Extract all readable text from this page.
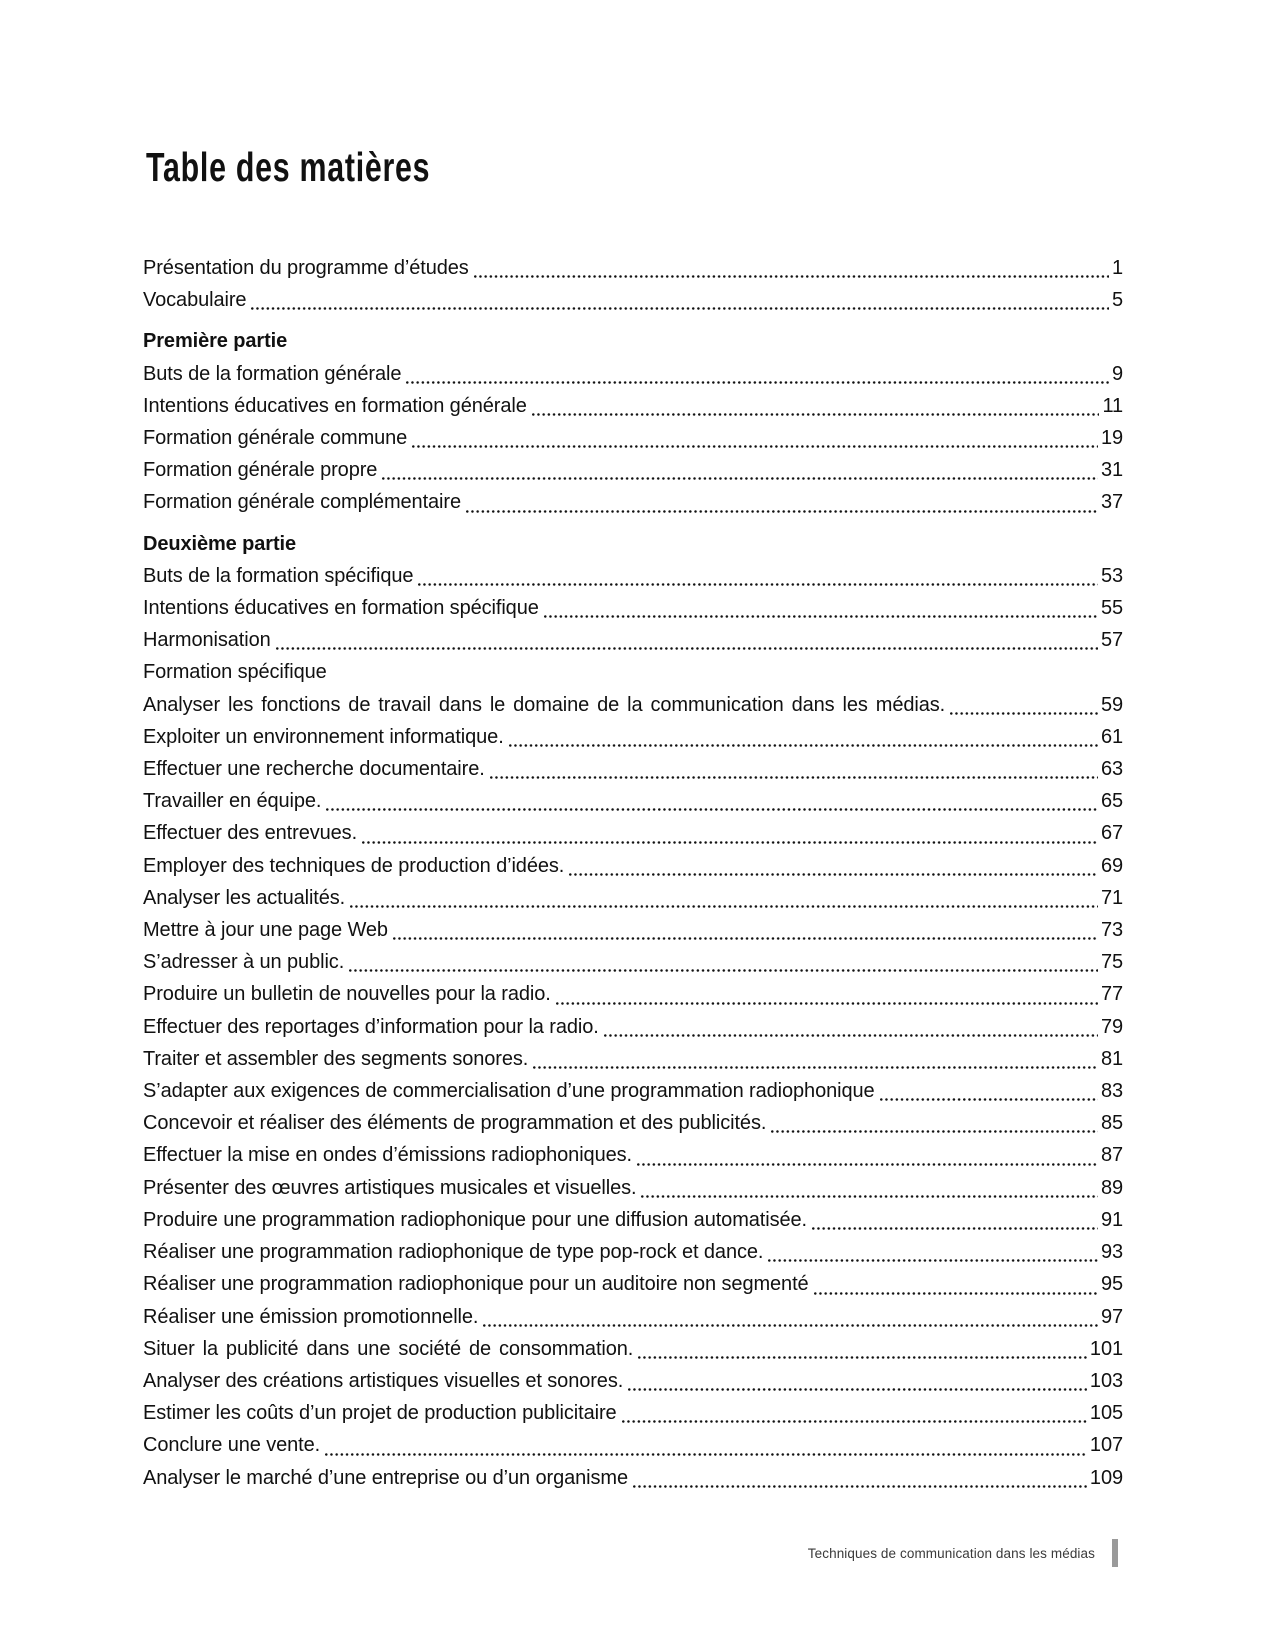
Table des matières
Présentation du programme d’études	1
Vocabulaire	5
Première partie
Buts de la formation générale	9
Intentions éducatives en formation générale	11
Formation générale commune	19
Formation générale propre	31
Formation générale complémentaire	37
Deuxième partie
Buts de la formation spécifique	53
Intentions éducatives en formation spécifique	55
Harmonisation	57
Formation spécifique
Analyser les fonctions de travail dans le domaine de la communication dans les médias.	59
Exploiter un environnement informatique.	61
Effectuer une recherche documentaire.	63
Travailler en équipe.	65
Effectuer des entrevues.	67
Employer des techniques de production d’idées.	69
Analyser les actualités.	71
Mettre à jour une page Web	73
S’adresser à un public.	75
Produire un bulletin de nouvelles pour la radio.	77
Effectuer des reportages d’information pour la radio.	79
Traiter et assembler des segments sonores.	81
S’adapter aux exigences de commercialisation d’une programmation radiophonique	83
Concevoir et réaliser des éléments de programmation et des publicités.	85
Effectuer la mise en ondes d’émissions radiophoniques.	87
Présenter des œuvres artistiques musicales et visuelles.	89
Produire une programmation radiophonique pour une diffusion automatisée.	91
Réaliser une programmation radiophonique de type pop-rock et dance.	93
Réaliser une programmation radiophonique pour un auditoire non segmenté	95
Réaliser une émission promotionnelle.	97
Situer la publicité dans une société de consommation.	101
Analyser des créations artistiques visuelles et sonores.	103
Estimer les coûts d’un projet de production publicitaire	105
Conclure une vente.	107
Analyser le marché d’une entreprise ou d’un organisme	109
Techniques de communication dans les médias
